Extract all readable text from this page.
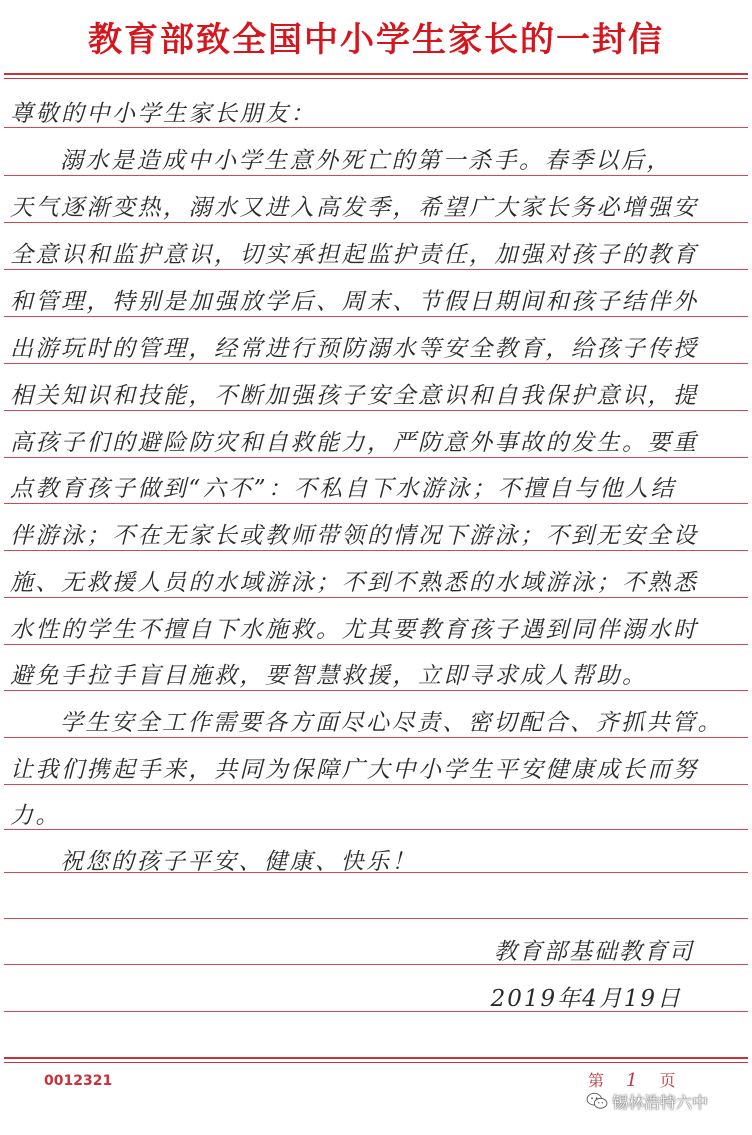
教育部致全国中小学生家长的一封信
尊敬的中小学生家长朋友：
溺水是造成中小学生意外死亡的第一杀手。春季以后，
天气逐渐变热，溺水又进入高发季，希望广大家长务必增强安
全意识和监护意识，切实承担起监护责任，加强对孩子的教育
和管理，特别是加强放学后、周末、节假日期间和孩子结伴外
出游玩时的管理，经常进行预防溺水等安全教育，给孩子传授
相关知识和技能，不断加强孩子安全意识和自我保护意识，提
高孩子们的避险防灾和自救能力，严防意外事故的发生。要重
点教育孩子做到“六不”：不私自下水游泳；不擅自与他人结
伴游泳；不在无家长或教师带领的情况下游泳；不到无安全设
施、无救援人员的水域游泳；不到不熟悉的水域游泳；不熟悉
水性的学生不擅自下水施救。尤其要教育孩子遇到同伴溺水时
避免手拉手盲目施救，要智慧救援，立即寻求成人帮助。
学生安全工作需要各方面尽心尽责、密切配合、齐抓共管。
让我们携起手来，共同为保障广大中小学生平安健康成长而努
力。
祝您的孩子平安、健康、快乐！
教育部基础教育司
2019年4月19日
0012321	第 1 页
锡林浩特六中
